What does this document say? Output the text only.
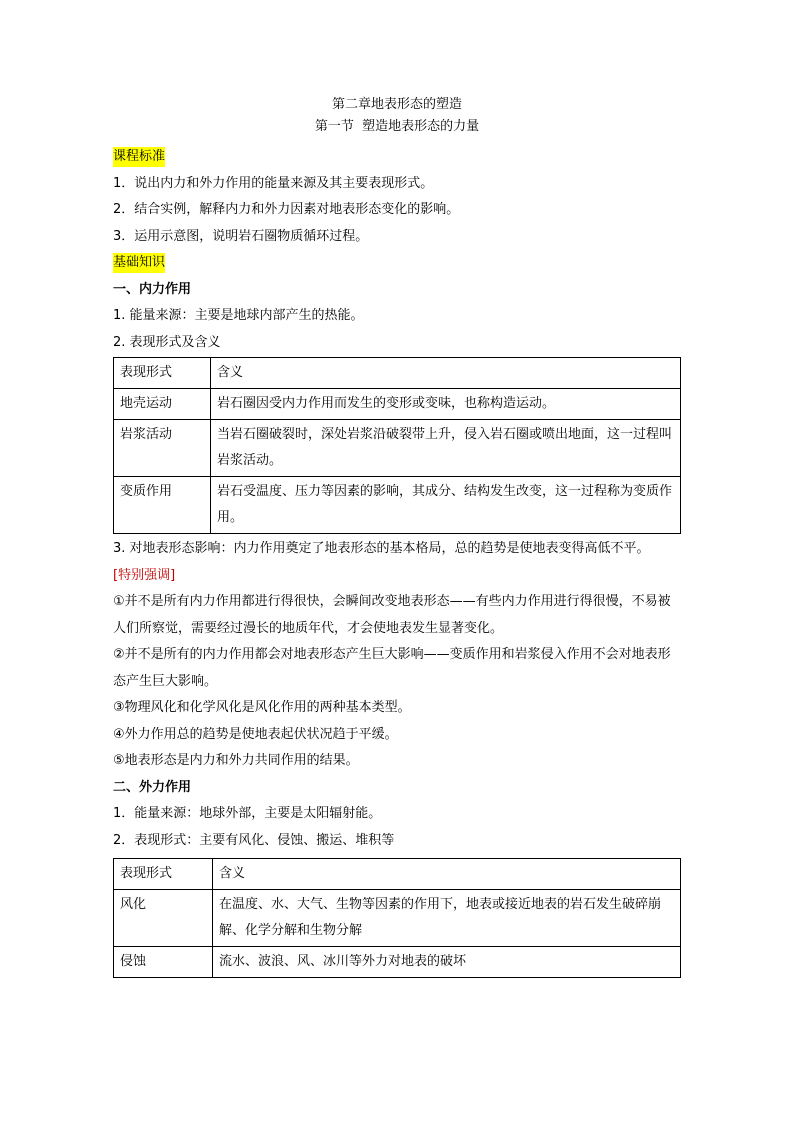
第二章地表形态的塑造
第一节  塑造地表形态的力量
课程标准
1．说出内力和外力作用的能量来源及其主要表现形式。
2．结合实例，解释内力和外力因素对地表形态变化的影响。
3．运用示意图，说明岩石圈物质循环过程。
基础知识
一、内力作用
1. 能量来源：主要是地球内部产生的热能。
2. 表现形式及含义
表现形式	含义
地壳运动	岩石圈因受内力作用而发生的变形或变味，也称构造运动。
岩浆活动	当岩石圈破裂时，深处岩浆沿破裂带上升，侵入岩石圈或喷出地面，这一过程叫岩浆活动。
变质作用	岩石受温度、压力等因素的影响，其成分、结构发生改变，这一过程称为变质作用。
3. 对地表形态影响：内力作用奠定了地表形态的基本格局，总的趋势是使地表变得高低不平。
[特别强调]
①并不是所有内力作用都进行得很快，会瞬间改变地表形态——有些内力作用进行得很慢，不易被人们所察觉，需要经过漫长的地质年代，才会使地表发生显著变化。
②并不是所有的内力作用都会对地表形态产生巨大影响——变质作用和岩浆侵入作用不会对地表形态产生巨大影响。
③物理风化和化学风化是风化作用的两种基本类型。
④外力作用总的趋势是使地表起伏状况趋于平缓。
⑤地表形态是内力和外力共同作用的结果。
二、外力作用
1．能量来源：地球外部，主要是太阳辐射能。
2．表现形式：主要有风化、侵蚀、搬运、堆积等
表现形式	含义
风化	在温度、水、大气、生物等因素的作用下，地表或接近地表的岩石发生破碎崩解、化学分解和生物分解
侵蚀	流水、波浪、风、冰川等外力对地表的破坏
